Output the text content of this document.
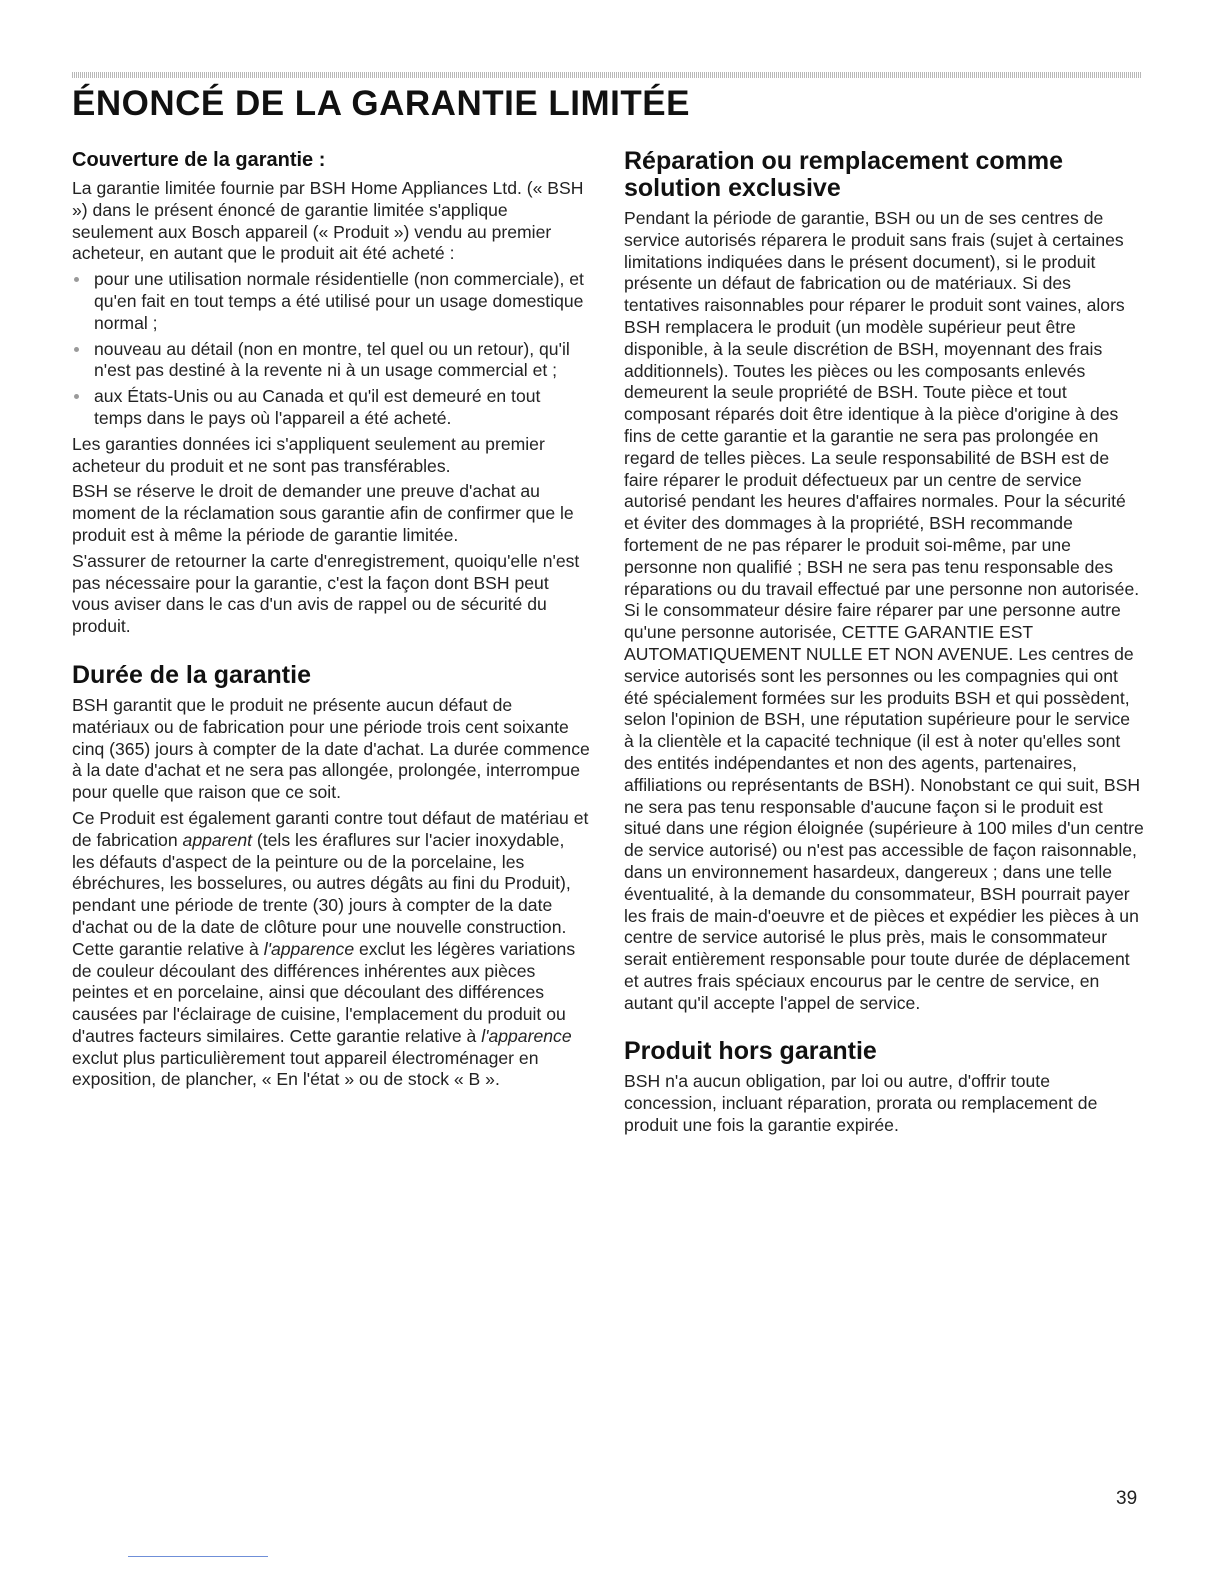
ÉNONCÉ DE LA GARANTIE LIMITÉE
Couverture de la garantie :

La garantie limitée fournie par BSH Home Appliances Ltd. (« BSH ») dans le présent énoncé de garantie limitée s'applique seulement aux Bosch appareil (« Produit ») vendu au premier acheteur, en autant que le produit ait été acheté :

pour une utilisation normale résidentielle (non commerciale), et qu'en fait en tout temps a été utilisé pour un usage domestique normal ;
nouveau au détail (non en montre, tel quel ou un retour), qu'il n'est pas destiné à la revente ni à un usage commercial et ;
aux États-Unis ou au Canada et qu'il est demeuré en tout temps dans le pays où l'appareil a été acheté.

Les garanties données ici s'appliquent seulement au premier acheteur du produit et ne sont pas transférables.

BSH se réserve le droit de demander une preuve d'achat au moment de la réclamation sous garantie afin de confirmer que le produit est à même la période de garantie limitée.

S'assurer de retourner la carte d'enregistrement, quoiqu'elle n'est pas nécessaire pour la garantie, c'est la façon dont BSH peut vous aviser dans le cas d'un avis de rappel ou de sécurité du produit.

Durée de la garantie

BSH garantit que le produit ne présente aucun défaut de matériaux ou de fabrication pour une période trois cent soixante cinq (365) jours à compter de la date d'achat. La durée commence à la date d'achat et ne sera pas allongée, prolongée, interrompue pour quelle que raison que ce soit.

Ce Produit est également garanti contre tout défaut de matériau et de fabrication apparent (tels les éraflures sur l'acier inoxydable, les défauts d'aspect de la peinture ou de la porcelaine, les ébréchures, les bosselures, ou autres dégâts au fini du Produit), pendant une période de trente (30) jours à compter de la date d'achat ou de la date de clôture pour une nouvelle construction. Cette garantie relative à l'apparence exclut les légères variations de couleur découlant des différences inhérentes aux pièces peintes et en porcelaine, ainsi que découlant des différences causées par l'éclairage de cuisine, l'emplacement du produit ou d'autres facteurs similaires. Cette garantie relative à l'apparence exclut plus particulièrement tout appareil électroménager en exposition, de plancher, « En l'état » ou de stock « B ».

Réparation ou remplacement comme solution exclusive

Pendant la période de garantie, BSH ou un de ses centres de service autorisés réparera le produit sans frais (sujet à certaines limitations indiquées dans le présent document), si le produit présente un défaut de fabrication ou de matériaux. Si des tentatives raisonnables pour réparer le produit sont vaines, alors BSH remplacera le produit (un modèle supérieur peut être disponible, à la seule discrétion de BSH, moyennant des frais additionnels). Toutes les pièces ou les composants enlevés demeurent la seule propriété de BSH. Toute pièce et tout composant réparés doit être identique à la pièce d'origine à des fins de cette garantie et la garantie ne sera pas prolongée en regard de telles pièces. La seule responsabilité de BSH est de faire réparer le produit défectueux par un centre de service autorisé pendant les heures d'affaires normales. Pour la sécurité et éviter des dommages à la propriété, BSH recommande fortement de ne pas réparer le produit soi-même, par une personne non qualifié ; BSH ne sera pas tenu responsable des réparations ou du travail effectué par une personne non autorisée. Si le consommateur désire faire réparer par une personne autre qu'une personne autorisée, CETTE GARANTIE EST AUTOMATIQUEMENT NULLE ET NON AVENUE. Les centres de service autorisés sont les personnes ou les compagnies qui ont été spécialement formées sur les produits BSH et qui possèdent, selon l'opinion de BSH, une réputation supérieure pour le service à la clientèle et la capacité technique (il est à noter qu'elles sont des entités indépendantes et non des agents, partenaires, affiliations ou représentants de BSH). Nonobstant ce qui suit, BSH ne sera pas tenu responsable d'aucune façon si le produit est situé dans une région éloignée (supérieure à 100 miles d'un centre de service autorisé) ou n'est pas accessible de façon raisonnable, dans un environnement hasardeux, dangereux ; dans une telle éventualité, à la demande du consommateur, BSH pourrait payer les frais de main-d'oeuvre et de pièces et expédier les pièces à un centre de service autorisé le plus près, mais le consommateur serait entièrement responsable pour toute durée de déplacement et autres frais spéciaux encourus par le centre de service, en autant qu'il accepte l'appel de service.

Produit hors garantie

BSH n'a aucun obligation, par loi ou autre, d'offrir toute concession, incluant réparation, prorata ou remplacement de produit une fois la garantie expirée.

39
